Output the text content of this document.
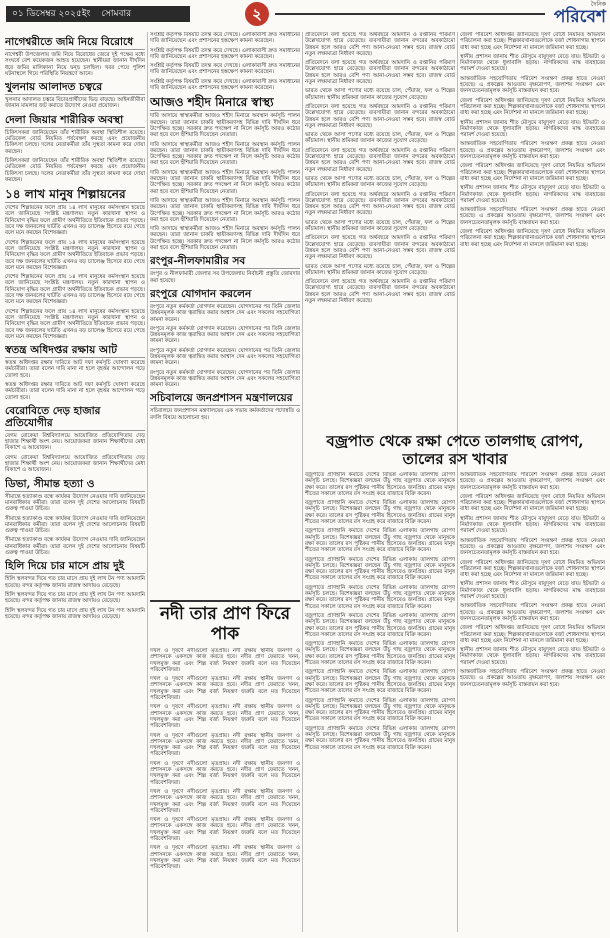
০১ ডিসেম্বর ২০২৫ইং সোমবার	২
দৈনিক
পরিবেশ
নাগেশ্বরীতে জমি নিয়ে বিরোধে

নাগেশ্বরী উপজেলায় জমি নিয়ে বিরোধের জেরে দুই পক্ষের মধ্যে সংঘর্ষে বেশ কয়েকজন আহত হয়েছেন। স্থানীয়রা জানান দীর্ঘদিন ধরে জমির মালিকানা নিয়ে দ্বন্দ্ব চলছিল। খবর পেয়ে পুলিশ ঘটনাস্থলে গিয়ে পরিস্থিতি নিয়ন্ত্রণে আনে।

খুলনায় আলাদত চত্বরে

খুলনার আদালত চত্বরে বিচারপ্রার্থীদের ভিড় বাড়ছে। আইনজীবীরা জানান মামলার জট কমাতে উদ্যোগ নেওয়া প্রয়োজন।

দেলা জিয়ার শারীরিক অবস্থা

চিকিৎসকরা জানিয়েছেন তাঁর শারীরিক অবস্থা স্থিতিশীল রয়েছে। মেডিকেল বোর্ড নিয়মিত পর্যবেক্ষণ করছে এবং প্রয়োজনীয় চিকিৎসা চলছে। দলের নেতাকর্মীরা তাঁর সুস্থতা কামনা করে দোয়া করছেন।

চিকিৎসকরা জানিয়েছেন তাঁর শারীরিক অবস্থা স্থিতিশীল রয়েছে। মেডিকেল বোর্ড নিয়মিত পর্যবেক্ষণ করছে এবং প্রয়োজনীয় চিকিৎসা চলছে। দলের নেতাকর্মীরা তাঁর সুস্থতা কামনা করে দোয়া করছেন।

১৪ লাখ মানুষ শিল্পায়নের

দেশের শিল্পায়নের ফলে প্রায় ১৪ লাখ মানুষের কর্মসংস্থান হয়েছে বলে জানিয়েছে সংশ্লিষ্ট মন্ত্রণালয়। নতুন কারখানা স্থাপন ও বিনিয়োগ বৃদ্ধির ফলে গ্রামীণ অর্থনীতিতে ইতিবাচক প্রভাব পড়ছে। তবে দক্ষ জনবলের ঘাটতি এখনও বড় চ্যালেঞ্জ হিসেবে রয়ে গেছে বলে মনে করছেন বিশেষজ্ঞরা।

দেশের শিল্পায়নের ফলে প্রায় ১৪ লাখ মানুষের কর্মসংস্থান হয়েছে বলে জানিয়েছে সংশ্লিষ্ট মন্ত্রণালয়। নতুন কারখানা স্থাপন ও বিনিয়োগ বৃদ্ধির ফলে গ্রামীণ অর্থনীতিতে ইতিবাচক প্রভাব পড়ছে। তবে দক্ষ জনবলের ঘাটতি এখনও বড় চ্যালেঞ্জ হিসেবে রয়ে গেছে বলে মনে করছেন বিশেষজ্ঞরা।

দেশের শিল্পায়নের ফলে প্রায় ১৪ লাখ মানুষের কর্মসংস্থান হয়েছে বলে জানিয়েছে সংশ্লিষ্ট মন্ত্রণালয়। নতুন কারখানা স্থাপন ও বিনিয়োগ বৃদ্ধির ফলে গ্রামীণ অর্থনীতিতে ইতিবাচক প্রভাব পড়ছে। তবে দক্ষ জনবলের ঘাটতি এখনও বড় চ্যালেঞ্জ হিসেবে রয়ে গেছে বলে মনে করছেন বিশেষজ্ঞরা।

দেশের শিল্পায়নের ফলে প্রায় ১৪ লাখ মানুষের কর্মসংস্থান হয়েছে বলে জানিয়েছে সংশ্লিষ্ট মন্ত্রণালয়। নতুন কারখানা স্থাপন ও বিনিয়োগ বৃদ্ধির ফলে গ্রামীণ অর্থনীতিতে ইতিবাচক প্রভাব পড়ছে। তবে দক্ষ জনবলের ঘাটতি এখনও বড় চ্যালেঞ্জ হিসেবে রয়ে গেছে বলে মনে করছেন বিশেষজ্ঞরা।

স্বতন্ত্র অধিদপ্তর রক্ষায় আট

স্বতন্ত্র অধিদপ্তর রক্ষার দাবিতে আট দফা কর্মসূচি ঘোষণা করেছে কর্মচারীরা। তারা বলেন দাবি মানা না হলে বৃহত্তর আন্দোলন গড়ে তোলা হবে।

স্বতন্ত্র অধিদপ্তর রক্ষার দাবিতে আট দফা কর্মসূচি ঘোষণা করেছে কর্মচারীরা। তারা বলেন দাবি মানা না হলে বৃহত্তর আন্দোলন গড়ে তোলা হবে।

বেরোবিতে দেড় হাজার প্রতিযোগীর

বেগম রোকেয়া বিশ্ববিদ্যালয়ে আয়োজিত প্রতিযোগিতায় দেড় হাজার শিক্ষার্থী অংশ নেয়। আয়োজকরা জানান শিক্ষার্থীদের মেধা বিকাশে এ আয়োজন।

বেগম রোকেয়া বিশ্ববিদ্যালয়ে আয়োজিত প্রতিযোগিতায় দেড় হাজার শিক্ষার্থী অংশ নেয়। আয়োজকরা জানান শিক্ষার্থীদের মেধা বিকাশে এ আয়োজন।

ডিভা, সীমান্ত হত্যা ও

সীমান্তে হত্যাকাণ্ড বন্ধে কার্যকর উদ্যোগ নেওয়ার দাবি জানিয়েছেন মানবাধিকার কর্মীরা। তারা বলেন দুই দেশের আলোচনায় বিষয়টি গুরুত্ব পাওয়া উচিত।

সীমান্তে হত্যাকাণ্ড বন্ধে কার্যকর উদ্যোগ নেওয়ার দাবি জানিয়েছেন মানবাধিকার কর্মীরা। তারা বলেন দুই দেশের আলোচনায় বিষয়টি গুরুত্ব পাওয়া উচিত।

সীমান্তে হত্যাকাণ্ড বন্ধে কার্যকর উদ্যোগ নেওয়ার দাবি জানিয়েছেন মানবাধিকার কর্মীরা। তারা বলেন দুই দেশের আলোচনায় বিষয়টি গুরুত্ব পাওয়া উচিত।

হিলি দিয়ে চার মাসে প্রায় দুই

হিলি স্থলবন্দর দিয়ে গত চার মাসে প্রায় দুই লাখ টন পণ্য আমদানি হয়েছে। বন্দর কর্তৃপক্ষ জানায় রাজস্ব আদায়ও বেড়েছে।

হিলি স্থলবন্দর দিয়ে গত চার মাসে প্রায় দুই লাখ টন পণ্য আমদানি হয়েছে। বন্দর কর্তৃপক্ষ জানায় রাজস্ব আদায়ও বেড়েছে।

হিলি স্থলবন্দর দিয়ে গত চার মাসে প্রায় দুই লাখ টন পণ্য আমদানি হয়েছে। বন্দর কর্তৃপক্ষ জানায় রাজস্ব আদায়ও বেড়েছে।

সংশ্লিষ্ট কর্তৃপক্ষ বিষয়টি তদন্ত করে দেখছে। এলাকাবাসী দ্রুত সমাধানের দাবি জানিয়েছেন এবং প্রশাসনের হস্তক্ষেপ কামনা করেছেন।

সংশ্লিষ্ট কর্তৃপক্ষ বিষয়টি তদন্ত করে দেখছে। এলাকাবাসী দ্রুত সমাধানের দাবি জানিয়েছেন এবং প্রশাসনের হস্তক্ষেপ কামনা করেছেন।

সংশ্লিষ্ট কর্তৃপক্ষ বিষয়টি তদন্ত করে দেখছে। এলাকাবাসী দ্রুত সমাধানের দাবি জানিয়েছেন এবং প্রশাসনের হস্তক্ষেপ কামনা করেছেন।

সংশ্লিষ্ট কর্তৃপক্ষ বিষয়টি তদন্ত করে দেখছে। এলাকাবাসী দ্রুত সমাধানের দাবি জানিয়েছেন এবং প্রশাসনের হস্তক্ষেপ কামনা করেছেন।

আজও শহীদ মিনারে স্বাস্থ্য

দাবি আদায়ে স্বাস্থ্যকর্মীরা আজও শহীদ মিনারে অবস্থান কর্মসূচি পালন করছেন। তারা জানান চাকরি স্থায়ীকরণসহ বিভিন্ন দাবি দীর্ঘদিন ধরে উপেক্ষিত হচ্ছে। সরকার দ্রুত পদক্ষেপ না নিলে কর্মসূচি আরও কঠোর করা হবে বলে হুঁশিয়ারি দিয়েছেন নেতারা।

দাবি আদায়ে স্বাস্থ্যকর্মীরা আজও শহীদ মিনারে অবস্থান কর্মসূচি পালন করছেন। তারা জানান চাকরি স্থায়ীকরণসহ বিভিন্ন দাবি দীর্ঘদিন ধরে উপেক্ষিত হচ্ছে। সরকার দ্রুত পদক্ষেপ না নিলে কর্মসূচি আরও কঠোর করা হবে বলে হুঁশিয়ারি দিয়েছেন নেতারা।

দাবি আদায়ে স্বাস্থ্যকর্মীরা আজও শহীদ মিনারে অবস্থান কর্মসূচি পালন করছেন। তারা জানান চাকরি স্থায়ীকরণসহ বিভিন্ন দাবি দীর্ঘদিন ধরে উপেক্ষিত হচ্ছে। সরকার দ্রুত পদক্ষেপ না নিলে কর্মসূচি আরও কঠোর করা হবে বলে হুঁশিয়ারি দিয়েছেন নেতারা।

দাবি আদায়ে স্বাস্থ্যকর্মীরা আজও শহীদ মিনারে অবস্থান কর্মসূচি পালন করছেন। তারা জানান চাকরি স্থায়ীকরণসহ বিভিন্ন দাবি দীর্ঘদিন ধরে উপেক্ষিত হচ্ছে। সরকার দ্রুত পদক্ষেপ না নিলে কর্মসূচি আরও কঠোর করা হবে বলে হুঁশিয়ারি দিয়েছেন নেতারা।

দাবি আদায়ে স্বাস্থ্যকর্মীরা আজও শহীদ মিনারে অবস্থান কর্মসূচি পালন করছেন। তারা জানান চাকরি স্থায়ীকরণসহ বিভিন্ন দাবি দীর্ঘদিন ধরে উপেক্ষিত হচ্ছে। সরকার দ্রুত পদক্ষেপ না নিলে কর্মসূচি আরও কঠোর করা হবে বলে হুঁশিয়ারি দিয়েছেন নেতারা।

রংপুর-নীলফামারীর সব

রংপুর ও নীলফামারী জেলার সব উপজেলায় নির্বাচনী প্রস্তুতি জোরদার করা হয়েছে।

রংপুরে যোগদান করলেন

রংপুরে নতুন কর্মকর্তা যোগদান করেছেন। যোগদানের পর তিনি জেলার উন্নয়নমূলক কাজ ত্বরান্বিত করার আশ্বাস দেন এবং সকলের সহযোগিতা কামনা করেন।

রংপুরে নতুন কর্মকর্তা যোগদান করেছেন। যোগদানের পর তিনি জেলার উন্নয়নমূলক কাজ ত্বরান্বিত করার আশ্বাস দেন এবং সকলের সহযোগিতা কামনা করেন।

রংপুরে নতুন কর্মকর্তা যোগদান করেছেন। যোগদানের পর তিনি জেলার উন্নয়নমূলক কাজ ত্বরান্বিত করার আশ্বাস দেন এবং সকলের সহযোগিতা কামনা করেন।

রংপুরে নতুন কর্মকর্তা যোগদান করেছেন। যোগদানের পর তিনি জেলার উন্নয়নমূলক কাজ ত্বরান্বিত করার আশ্বাস দেন এবং সকলের সহযোগিতা কামনা করেন।

সচিবালয়ে জনপ্রশাসন মন্ত্রণালয়ের

সচিবালয়ে জনপ্রশাসন মন্ত্রণালয়ের এক সভায় কর্মকর্তাদের পদোন্নতি ও বদলি বিষয়ে আলোচনা হয়।

নদী তার প্রাণ ফিরে পাক

দখল ও দূষণে নদীগুলো মৃতপ্রায়। নদী রক্ষায় স্থানীয় জনগণ ও প্রশাসনকে একসঙ্গে কাজ করতে হবে। নদীর প্রাণ ফেরাতে খনন, দখলমুক্ত করা এবং শিল্প বর্জ্য নিয়ন্ত্রণ জরুরি বলে মত দিয়েছেন পরিবেশবিদরা।

দখল ও দূষণে নদীগুলো মৃতপ্রায়। নদী রক্ষায় স্থানীয় জনগণ ও প্রশাসনকে একসঙ্গে কাজ করতে হবে। নদীর প্রাণ ফেরাতে খনন, দখলমুক্ত করা এবং শিল্প বর্জ্য নিয়ন্ত্রণ জরুরি বলে মত দিয়েছেন পরিবেশবিদরা।

দখল ও দূষণে নদীগুলো মৃতপ্রায়। নদী রক্ষায় স্থানীয় জনগণ ও প্রশাসনকে একসঙ্গে কাজ করতে হবে। নদীর প্রাণ ফেরাতে খনন, দখলমুক্ত করা এবং শিল্প বর্জ্য নিয়ন্ত্রণ জরুরি বলে মত দিয়েছেন পরিবেশবিদরা।

দখল ও দূষণে নদীগুলো মৃতপ্রায়। নদী রক্ষায় স্থানীয় জনগণ ও প্রশাসনকে একসঙ্গে কাজ করতে হবে। নদীর প্রাণ ফেরাতে খনন, দখলমুক্ত করা এবং শিল্প বর্জ্য নিয়ন্ত্রণ জরুরি বলে মত দিয়েছেন পরিবেশবিদরা।

দখল ও দূষণে নদীগুলো মৃতপ্রায়। নদী রক্ষায় স্থানীয় জনগণ ও প্রশাসনকে একসঙ্গে কাজ করতে হবে। নদীর প্রাণ ফেরাতে খনন, দখলমুক্ত করা এবং শিল্প বর্জ্য নিয়ন্ত্রণ জরুরি বলে মত দিয়েছেন পরিবেশবিদরা।

দখল ও দূষণে নদীগুলো মৃতপ্রায়। নদী রক্ষায় স্থানীয় জনগণ ও প্রশাসনকে একসঙ্গে কাজ করতে হবে। নদীর প্রাণ ফেরাতে খনন, দখলমুক্ত করা এবং শিল্প বর্জ্য নিয়ন্ত্রণ জরুরি বলে মত দিয়েছেন পরিবেশবিদরা।

দখল ও দূষণে নদীগুলো মৃতপ্রায়। নদী রক্ষায় স্থানীয় জনগণ ও প্রশাসনকে একসঙ্গে কাজ করতে হবে। নদীর প্রাণ ফেরাতে খনন, দখলমুক্ত করা এবং শিল্প বর্জ্য নিয়ন্ত্রণ জরুরি বলে মত দিয়েছেন পরিবেশবিদরা।

দখল ও দূষণে নদীগুলো মৃতপ্রায়। নদী রক্ষায় স্থানীয় জনগণ ও প্রশাসনকে একসঙ্গে কাজ করতে হবে। নদীর প্রাণ ফেরাতে খনন, দখলমুক্ত করা এবং শিল্প বর্জ্য নিয়ন্ত্রণ জরুরি বলে মত দিয়েছেন পরিবেশবিদরা।

প্রতিবেদনে বলা হয়েছে গত অর্থবছরে আমদানি ও রপ্তানির পরিমাণ উল্লেখযোগ্য হারে বেড়েছে। ব্যবসায়ীরা জানান বন্দরের অবকাঠামো উন্নয়ন হলে আরও বেশি পণ্য আনা-নেওয়া সম্ভব হবে। রাজস্ব বোর্ড নতুন লক্ষ্যমাত্রা নির্ধারণ করেছে।

প্রতিবেদনে বলা হয়েছে গত অর্থবছরে আমদানি ও রপ্তানির পরিমাণ উল্লেখযোগ্য হারে বেড়েছে। ব্যবসায়ীরা জানান বন্দরের অবকাঠামো উন্নয়ন হলে আরও বেশি পণ্য আনা-নেওয়া সম্ভব হবে। রাজস্ব বোর্ড নতুন লক্ষ্যমাত্রা নির্ধারণ করেছে।

ভারত থেকে আসা পণ্যের মধ্যে রয়েছে চাল, পেঁয়াজ, ফল ও শিল্পের কাঁচামাল। স্থানীয় শ্রমিকরা জানান কাজের সুযোগ বেড়েছে।

প্রতিবেদনে বলা হয়েছে গত অর্থবছরে আমদানি ও রপ্তানির পরিমাণ উল্লেখযোগ্য হারে বেড়েছে। ব্যবসায়ীরা জানান বন্দরের অবকাঠামো উন্নয়ন হলে আরও বেশি পণ্য আনা-নেওয়া সম্ভব হবে। রাজস্ব বোর্ড নতুন লক্ষ্যমাত্রা নির্ধারণ করেছে।

ভারত থেকে আসা পণ্যের মধ্যে রয়েছে চাল, পেঁয়াজ, ফল ও শিল্পের কাঁচামাল। স্থানীয় শ্রমিকরা জানান কাজের সুযোগ বেড়েছে।

প্রতিবেদনে বলা হয়েছে গত অর্থবছরে আমদানি ও রপ্তানির পরিমাণ উল্লেখযোগ্য হারে বেড়েছে। ব্যবসায়ীরা জানান বন্দরের অবকাঠামো উন্নয়ন হলে আরও বেশি পণ্য আনা-নেওয়া সম্ভব হবে। রাজস্ব বোর্ড নতুন লক্ষ্যমাত্রা নির্ধারণ করেছে।

ভারত থেকে আসা পণ্যের মধ্যে রয়েছে চাল, পেঁয়াজ, ফল ও শিল্পের কাঁচামাল। স্থানীয় শ্রমিকরা জানান কাজের সুযোগ বেড়েছে।

প্রতিবেদনে বলা হয়েছে গত অর্থবছরে আমদানি ও রপ্তানির পরিমাণ উল্লেখযোগ্য হারে বেড়েছে। ব্যবসায়ীরা জানান বন্দরের অবকাঠামো উন্নয়ন হলে আরও বেশি পণ্য আনা-নেওয়া সম্ভব হবে। রাজস্ব বোর্ড নতুন লক্ষ্যমাত্রা নির্ধারণ করেছে।

ভারত থেকে আসা পণ্যের মধ্যে রয়েছে চাল, পেঁয়াজ, ফল ও শিল্পের কাঁচামাল। স্থানীয় শ্রমিকরা জানান কাজের সুযোগ বেড়েছে।

প্রতিবেদনে বলা হয়েছে গত অর্থবছরে আমদানি ও রপ্তানির পরিমাণ উল্লেখযোগ্য হারে বেড়েছে। ব্যবসায়ীরা জানান বন্দরের অবকাঠামো উন্নয়ন হলে আরও বেশি পণ্য আনা-নেওয়া সম্ভব হবে। রাজস্ব বোর্ড নতুন লক্ষ্যমাত্রা নির্ধারণ করেছে।

ভারত থেকে আসা পণ্যের মধ্যে রয়েছে চাল, পেঁয়াজ, ফল ও শিল্পের কাঁচামাল। স্থানীয় শ্রমিকরা জানান কাজের সুযোগ বেড়েছে।

প্রতিবেদনে বলা হয়েছে গত অর্থবছরে আমদানি ও রপ্তানির পরিমাণ উল্লেখযোগ্য হারে বেড়েছে। ব্যবসায়ীরা জানান বন্দরের অবকাঠামো উন্নয়ন হলে আরও বেশি পণ্য আনা-নেওয়া সম্ভব হবে। রাজস্ব বোর্ড নতুন লক্ষ্যমাত্রা নির্ধারণ করেছে।

জেলা পরিবেশ অধিদপ্তর জানিয়েছে দূষণ রোধে নিয়মিত অভিযান পরিচালনা করা হচ্ছে। শিল্পকারখানাগুলোকে বর্জ্য শোধনাগার স্থাপনে বাধ্য করা হচ্ছে এবং নির্দেশনা না মানলে জরিমানা করা হচ্ছে।

স্থানীয় প্রশাসন জানায় শীত মৌসুমে বায়ুদূষণ বেড়ে যায়। ইটভাটা ও নির্মাণকাজ থেকে ধুলাবালি ছড়ায়। নাগরিকদের মাস্ক ব্যবহারের পরামর্শ দেওয়া হয়েছে।

আন্তর্জাতিক সহযোগিতায় পরিবেশ সংরক্ষণ প্রকল্প হাতে নেওয়া হয়েছে। এ প্রকল্পের আওতায় বৃক্ষরোপণ, জলাশয় সংরক্ষণ এবং জনসচেতনতামূলক কর্মসূচি বাস্তবায়ন করা হবে।

জেলা পরিবেশ অধিদপ্তর জানিয়েছে দূষণ রোধে নিয়মিত অভিযান পরিচালনা করা হচ্ছে। শিল্পকারখানাগুলোকে বর্জ্য শোধনাগার স্থাপনে বাধ্য করা হচ্ছে এবং নির্দেশনা না মানলে জরিমানা করা হচ্ছে।

স্থানীয় প্রশাসন জানায় শীত মৌসুমে বায়ুদূষণ বেড়ে যায়। ইটভাটা ও নির্মাণকাজ থেকে ধুলাবালি ছড়ায়। নাগরিকদের মাস্ক ব্যবহারের পরামর্শ দেওয়া হয়েছে।

আন্তর্জাতিক সহযোগিতায় পরিবেশ সংরক্ষণ প্রকল্প হাতে নেওয়া হয়েছে। এ প্রকল্পের আওতায় বৃক্ষরোপণ, জলাশয় সংরক্ষণ এবং জনসচেতনতামূলক কর্মসূচি বাস্তবায়ন করা হবে।

জেলা পরিবেশ অধিদপ্তর জানিয়েছে দূষণ রোধে নিয়মিত অভিযান পরিচালনা করা হচ্ছে। শিল্পকারখানাগুলোকে বর্জ্য শোধনাগার স্থাপনে বাধ্য করা হচ্ছে এবং নির্দেশনা না মানলে জরিমানা করা হচ্ছে।

স্থানীয় প্রশাসন জানায় শীত মৌসুমে বায়ুদূষণ বেড়ে যায়। ইটভাটা ও নির্মাণকাজ থেকে ধুলাবালি ছড়ায়। নাগরিকদের মাস্ক ব্যবহারের পরামর্শ দেওয়া হয়েছে।

আন্তর্জাতিক সহযোগিতায় পরিবেশ সংরক্ষণ প্রকল্প হাতে নেওয়া হয়েছে। এ প্রকল্পের আওতায় বৃক্ষরোপণ, জলাশয় সংরক্ষণ এবং জনসচেতনতামূলক কর্মসূচি বাস্তবায়ন করা হবে।

জেলা পরিবেশ অধিদপ্তর জানিয়েছে দূষণ রোধে নিয়মিত অভিযান পরিচালনা করা হচ্ছে। শিল্পকারখানাগুলোকে বর্জ্য শোধনাগার স্থাপনে বাধ্য করা হচ্ছে এবং নির্দেশনা না মানলে জরিমানা করা হচ্ছে।

বজ্রপাত থেকে রক্ষা পেতে তালগাছ রোপণ, তালের রস খাবার

বজ্রপাতে প্রাণহানি কমাতে দেশের বিভিন্ন এলাকায় তালগাছ রোপণ কর্মসূচি চলছে। বিশেষজ্ঞরা বলছেন উঁচু গাছ বজ্রপাত থেকে মানুষকে রক্ষা করে। তালের রস পুষ্টিকর পানীয় হিসেবেও জনপ্রিয়। গ্রামের মানুষ শীতের সকালে তালের রস সংগ্রহ করে বাজারে বিক্রি করেন।

বজ্রপাতে প্রাণহানি কমাতে দেশের বিভিন্ন এলাকায় তালগাছ রোপণ কর্মসূচি চলছে। বিশেষজ্ঞরা বলছেন উঁচু গাছ বজ্রপাত থেকে মানুষকে রক্ষা করে। তালের রস পুষ্টিকর পানীয় হিসেবেও জনপ্রিয়। গ্রামের মানুষ শীতের সকালে তালের রস সংগ্রহ করে বাজারে বিক্রি করেন।

বজ্রপাতে প্রাণহানি কমাতে দেশের বিভিন্ন এলাকায় তালগাছ রোপণ কর্মসূচি চলছে। বিশেষজ্ঞরা বলছেন উঁচু গাছ বজ্রপাত থেকে মানুষকে রক্ষা করে। তালের রস পুষ্টিকর পানীয় হিসেবেও জনপ্রিয়। গ্রামের মানুষ শীতের সকালে তালের রস সংগ্রহ করে বাজারে বিক্রি করেন।

বজ্রপাতে প্রাণহানি কমাতে দেশের বিভিন্ন এলাকায় তালগাছ রোপণ কর্মসূচি চলছে। বিশেষজ্ঞরা বলছেন উঁচু গাছ বজ্রপাত থেকে মানুষকে রক্ষা করে। তালের রস পুষ্টিকর পানীয় হিসেবেও জনপ্রিয়। গ্রামের মানুষ শীতের সকালে তালের রস সংগ্রহ করে বাজারে বিক্রি করেন।

বজ্রপাতে প্রাণহানি কমাতে দেশের বিভিন্ন এলাকায় তালগাছ রোপণ কর্মসূচি চলছে। বিশেষজ্ঞরা বলছেন উঁচু গাছ বজ্রপাত থেকে মানুষকে রক্ষা করে। তালের রস পুষ্টিকর পানীয় হিসেবেও জনপ্রিয়। গ্রামের মানুষ শীতের সকালে তালের রস সংগ্রহ করে বাজারে বিক্রি করেন।

বজ্রপাতে প্রাণহানি কমাতে দেশের বিভিন্ন এলাকায় তালগাছ রোপণ কর্মসূচি চলছে। বিশেষজ্ঞরা বলছেন উঁচু গাছ বজ্রপাত থেকে মানুষকে রক্ষা করে। তালের রস পুষ্টিকর পানীয় হিসেবেও জনপ্রিয়। গ্রামের মানুষ শীতের সকালে তালের রস সংগ্রহ করে বাজারে বিক্রি করেন।

বজ্রপাতে প্রাণহানি কমাতে দেশের বিভিন্ন এলাকায় তালগাছ রোপণ কর্মসূচি চলছে। বিশেষজ্ঞরা বলছেন উঁচু গাছ বজ্রপাত থেকে মানুষকে রক্ষা করে। তালের রস পুষ্টিকর পানীয় হিসেবেও জনপ্রিয়। গ্রামের মানুষ শীতের সকালে তালের রস সংগ্রহ করে বাজারে বিক্রি করেন।

বজ্রপাতে প্রাণহানি কমাতে দেশের বিভিন্ন এলাকায় তালগাছ রোপণ কর্মসূচি চলছে। বিশেষজ্ঞরা বলছেন উঁচু গাছ বজ্রপাত থেকে মানুষকে রক্ষা করে। তালের রস পুষ্টিকর পানীয় হিসেবেও জনপ্রিয়। গ্রামের মানুষ শীতের সকালে তালের রস সংগ্রহ করে বাজারে বিক্রি করেন।

বজ্রপাতে প্রাণহানি কমাতে দেশের বিভিন্ন এলাকায় তালগাছ রোপণ কর্মসূচি চলছে। বিশেষজ্ঞরা বলছেন উঁচু গাছ বজ্রপাত থেকে মানুষকে রক্ষা করে। তালের রস পুষ্টিকর পানীয় হিসেবেও জনপ্রিয়। গ্রামের মানুষ শীতের সকালে তালের রস সংগ্রহ করে বাজারে বিক্রি করেন।

বজ্রপাতে প্রাণহানি কমাতে দেশের বিভিন্ন এলাকায় তালগাছ রোপণ কর্মসূচি চলছে। বিশেষজ্ঞরা বলছেন উঁচু গাছ বজ্রপাত থেকে মানুষকে রক্ষা করে। তালের রস পুষ্টিকর পানীয় হিসেবেও জনপ্রিয়। গ্রামের মানুষ শীতের সকালে তালের রস সংগ্রহ করে বাজারে বিক্রি করেন।

আন্তর্জাতিক সহযোগিতায় পরিবেশ সংরক্ষণ প্রকল্প হাতে নেওয়া হয়েছে। এ প্রকল্পের আওতায় বৃক্ষরোপণ, জলাশয় সংরক্ষণ এবং জনসচেতনতামূলক কর্মসূচি বাস্তবায়ন করা হবে।

জেলা পরিবেশ অধিদপ্তর জানিয়েছে দূষণ রোধে নিয়মিত অভিযান পরিচালনা করা হচ্ছে। শিল্পকারখানাগুলোকে বর্জ্য শোধনাগার স্থাপনে বাধ্য করা হচ্ছে এবং নির্দেশনা না মানলে জরিমানা করা হচ্ছে।

স্থানীয় প্রশাসন জানায় শীত মৌসুমে বায়ুদূষণ বেড়ে যায়। ইটভাটা ও নির্মাণকাজ থেকে ধুলাবালি ছড়ায়। নাগরিকদের মাস্ক ব্যবহারের পরামর্শ দেওয়া হয়েছে।

আন্তর্জাতিক সহযোগিতায় পরিবেশ সংরক্ষণ প্রকল্প হাতে নেওয়া হয়েছে। এ প্রকল্পের আওতায় বৃক্ষরোপণ, জলাশয় সংরক্ষণ এবং জনসচেতনতামূলক কর্মসূচি বাস্তবায়ন করা হবে।

জেলা পরিবেশ অধিদপ্তর জানিয়েছে দূষণ রোধে নিয়মিত অভিযান পরিচালনা করা হচ্ছে। শিল্পকারখানাগুলোকে বর্জ্য শোধনাগার স্থাপনে বাধ্য করা হচ্ছে এবং নির্দেশনা না মানলে জরিমানা করা হচ্ছে।

স্থানীয় প্রশাসন জানায় শীত মৌসুমে বায়ুদূষণ বেড়ে যায়। ইটভাটা ও নির্মাণকাজ থেকে ধুলাবালি ছড়ায়। নাগরিকদের মাস্ক ব্যবহারের পরামর্শ দেওয়া হয়েছে।

আন্তর্জাতিক সহযোগিতায় পরিবেশ সংরক্ষণ প্রকল্প হাতে নেওয়া হয়েছে। এ প্রকল্পের আওতায় বৃক্ষরোপণ, জলাশয় সংরক্ষণ এবং জনসচেতনতামূলক কর্মসূচি বাস্তবায়ন করা হবে।

জেলা পরিবেশ অধিদপ্তর জানিয়েছে দূষণ রোধে নিয়মিত অভিযান পরিচালনা করা হচ্ছে। শিল্পকারখানাগুলোকে বর্জ্য শোধনাগার স্থাপনে বাধ্য করা হচ্ছে এবং নির্দেশনা না মানলে জরিমানা করা হচ্ছে।

স্থানীয় প্রশাসন জানায় শীত মৌসুমে বায়ুদূষণ বেড়ে যায়। ইটভাটা ও নির্মাণকাজ থেকে ধুলাবালি ছড়ায়। নাগরিকদের মাস্ক ব্যবহারের পরামর্শ দেওয়া হয়েছে।

আন্তর্জাতিক সহযোগিতায় পরিবেশ সংরক্ষণ প্রকল্প হাতে নেওয়া হয়েছে। এ প্রকল্পের আওতায় বৃক্ষরোপণ, জলাশয় সংরক্ষণ এবং জনসচেতনতামূলক কর্মসূচি বাস্তবায়ন করা হবে।
